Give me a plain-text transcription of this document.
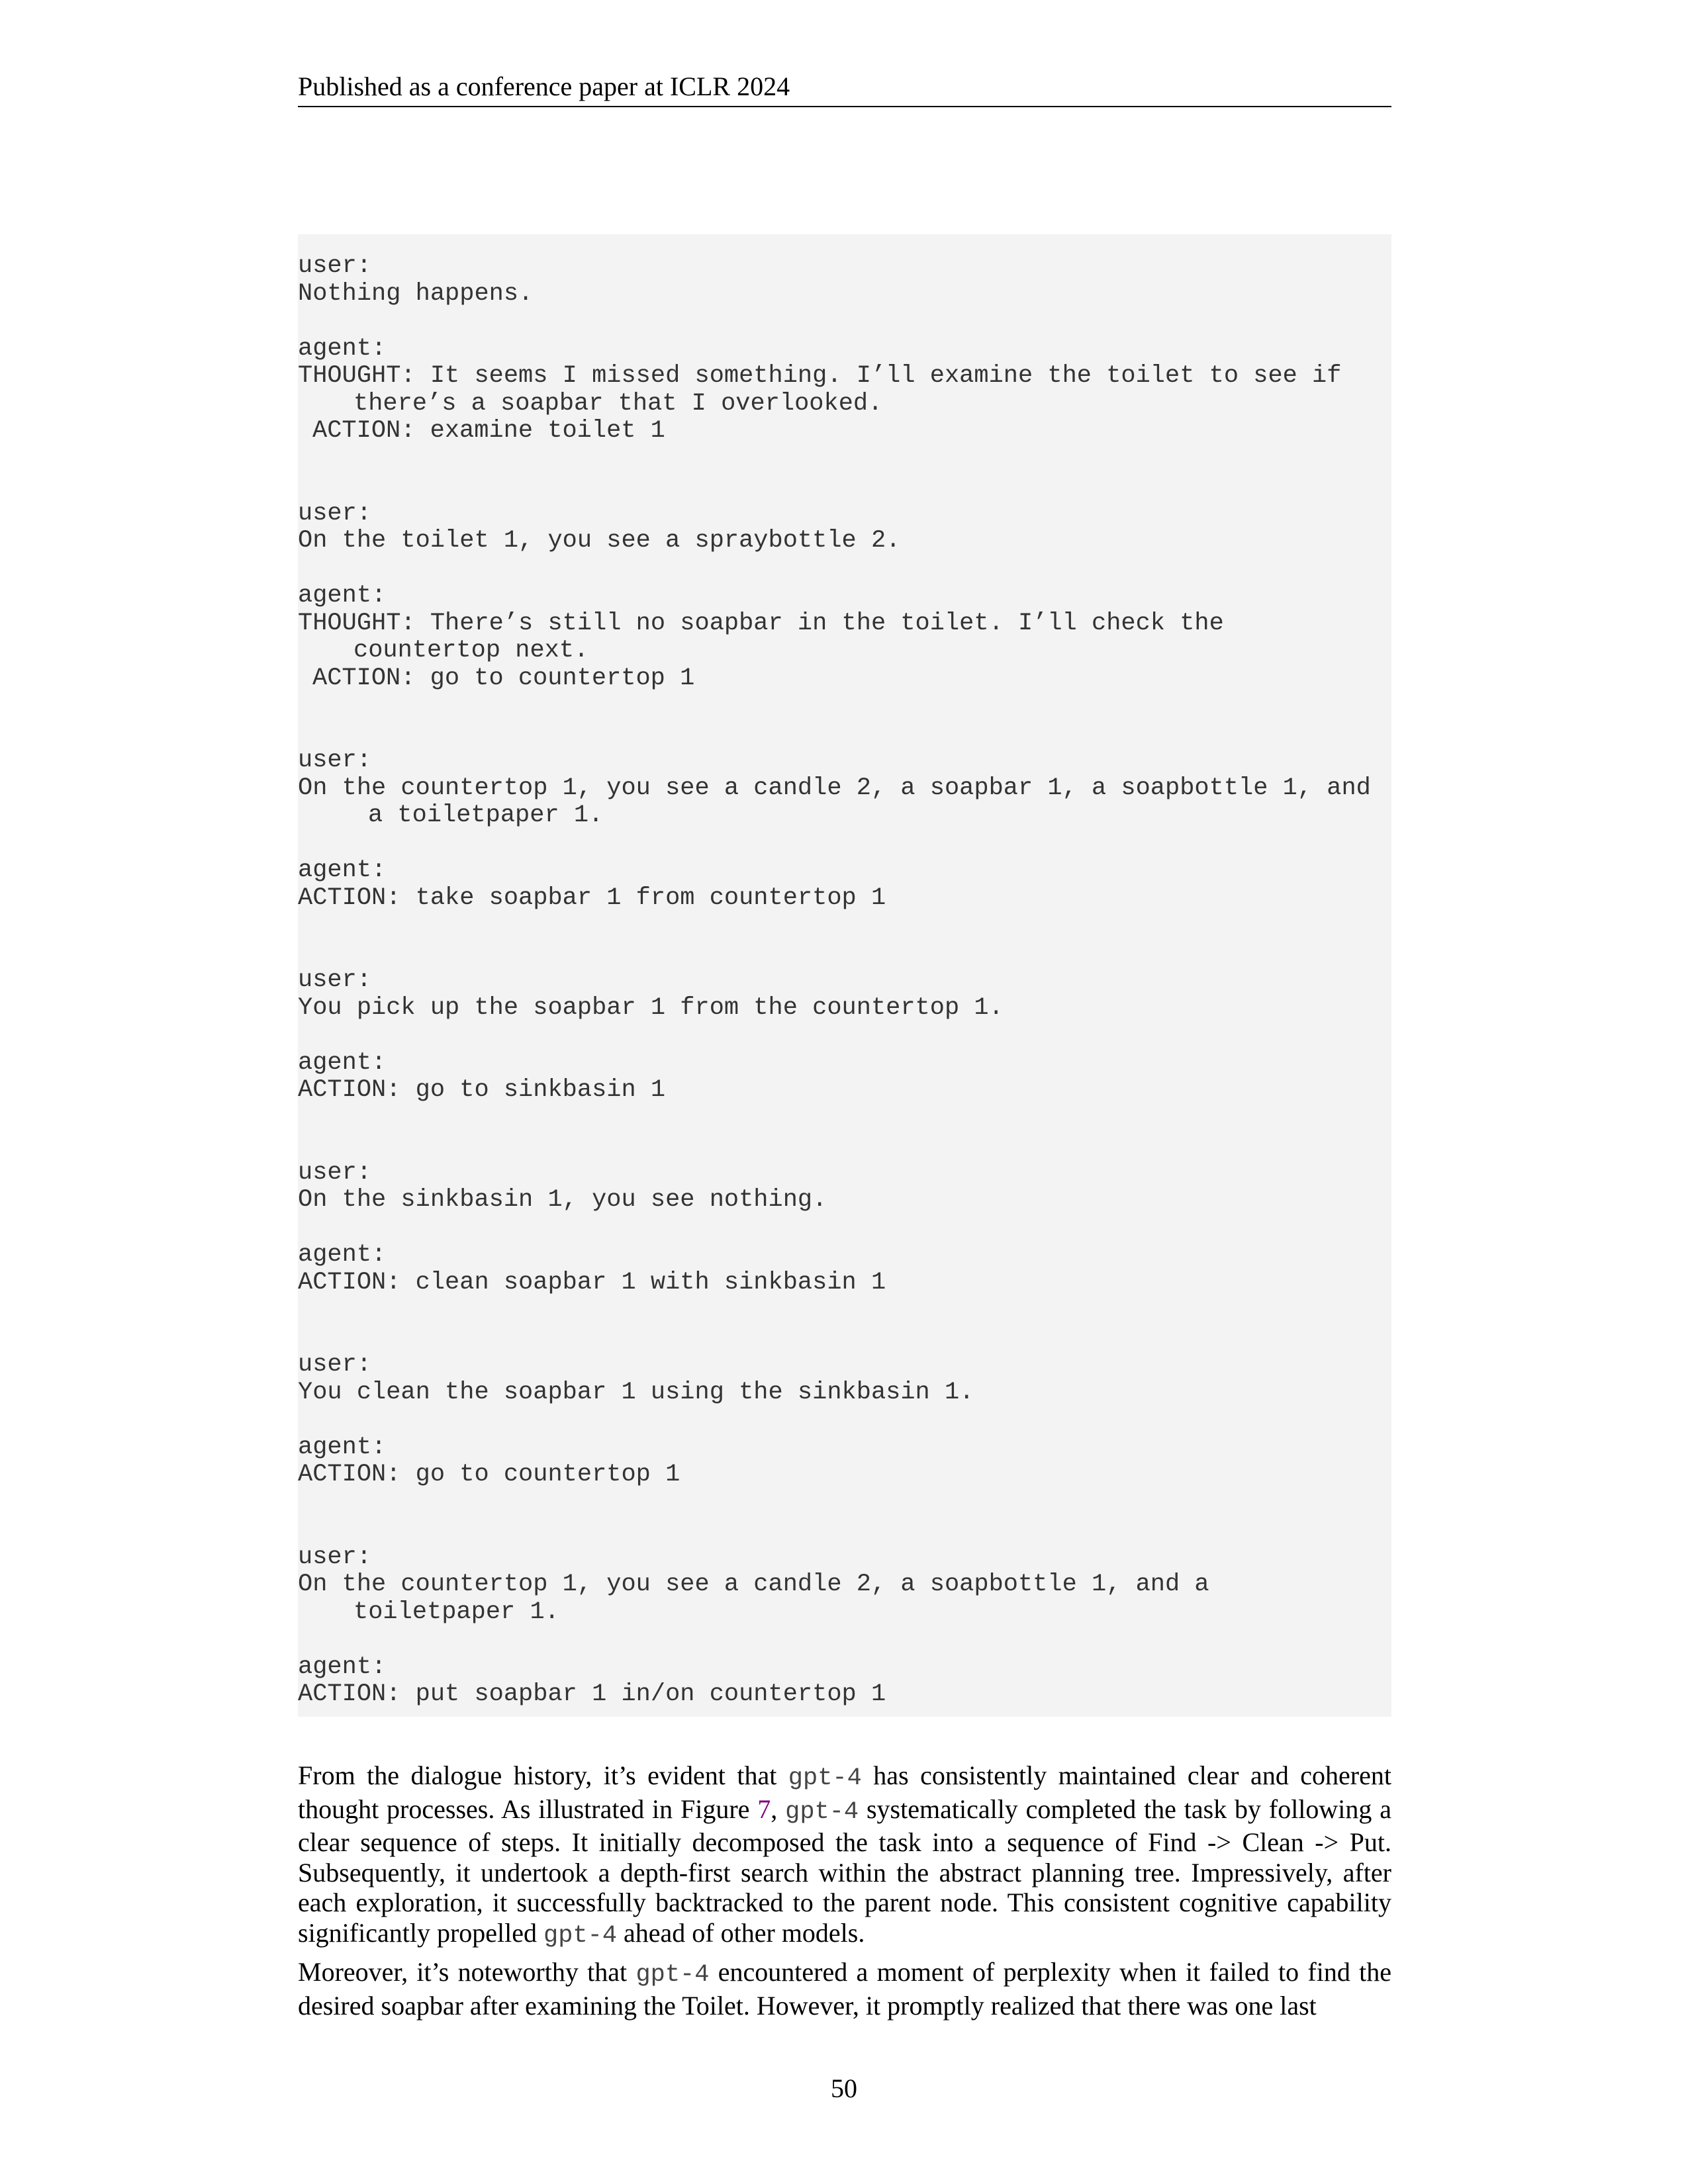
Published as a conference paper at ICLR 2024
user:
Nothing happens.
agent:
THOUGHT: It seems I missed something. I’ll examine the toilet to see if
there’s a soapbar that I overlooked.
ACTION: examine toilet 1
user:
On the toilet 1, you see a spraybottle 2.
agent:
THOUGHT: There’s still no soapbar in the toilet. I’ll check the
countertop next.
ACTION: go to countertop 1
user:
On the countertop 1, you see a candle 2, a soapbar 1, a soapbottle 1, and
a toiletpaper 1.
agent:
ACTION: take soapbar 1 from countertop 1
user:
You pick up the soapbar 1 from the countertop 1.
agent:
ACTION: go to sinkbasin 1
user:
On the sinkbasin 1, you see nothing.
agent:
ACTION: clean soapbar 1 with sinkbasin 1
user:
You clean the soapbar 1 using the sinkbasin 1.
agent:
ACTION: go to countertop 1
user:
On the countertop 1, you see a candle 2, a soapbottle 1, and a
toiletpaper 1.
agent:
ACTION: put soapbar 1 in/on countertop 1
From the dialogue history, it’s evident that gpt-4 has consistently maintained clear and coherent thought processes. As illustrated in Figure 7, gpt-4 systematically completed the task by following a clear sequence of steps. It initially decomposed the task into a sequence of Find -> Clean -> Put. Subsequently, it undertook a depth-first search within the abstract planning tree. Impressively, after each exploration, it successfully backtracked to the parent node. This consistent cognitive capability significantly propelled gpt-4 ahead of other models.
Moreover, it’s noteworthy that gpt-4 encountered a moment of perplexity when it failed to find the desired soapbar after examining the Toilet. However, it promptly realized that there was one last
50
